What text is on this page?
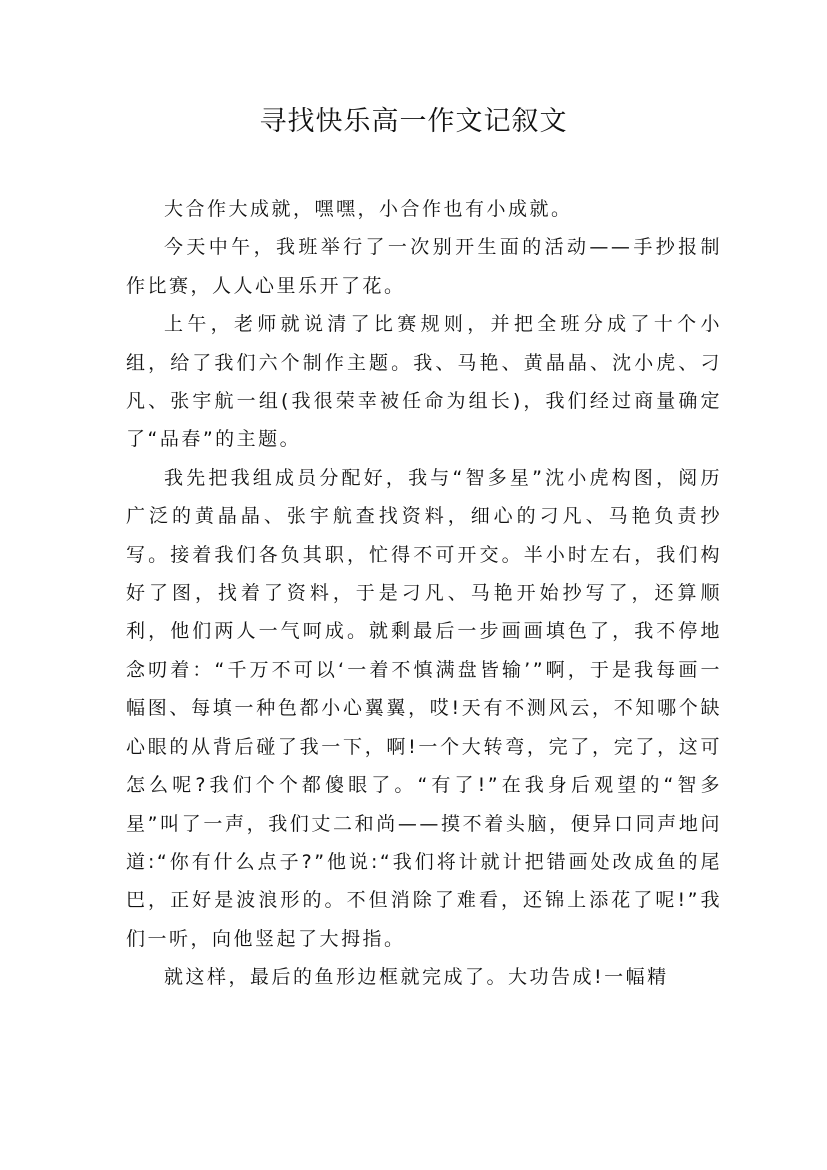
寻找快乐高一作文记叙文

大合作大成就，嘿嘿，小合作也有小成就。

今天中午，我班举行了一次别开生面的活动——手抄报制作比赛，人人心里乐开了花。

上午，老师就说清了比赛规则，并把全班分成了十个小组，给了我们六个制作主题。我、马艳、黄晶晶、沈小虎、刁凡、张宇航一组(我很荣幸被任命为组长)，我们经过商量确定了“品春”的主题。

我先把我组成员分配好，我与“智多星”沈小虎构图，阅历广泛的黄晶晶、张宇航查找资料，细心的刁凡、马艳负责抄写。接着我们各负其职，忙得不可开交。半小时左右，我们构好了图，找着了资料，于是刁凡、马艳开始抄写了，还算顺利，他们两人一气呵成。就剩最后一步画画填色了，我不停地念叨着：“千万不可以‘一着不慎满盘皆输’”啊，于是我每画一幅图、每填一种色都小心翼翼，哎!天有不测风云，不知哪个缺心眼的从背后碰了我一下，啊!一个大转弯，完了，完了，这可怎么呢?我们个个都傻眼了。“有了!”在我身后观望的“智多星”叫了一声，我们丈二和尚——摸不着头脑，便异口同声地问道:“你有什么点子?”他说:“我们将计就计把错画处改成鱼的尾巴，正好是波浪形的。不但消除了难看，还锦上添花了呢!”我们一听，向他竖起了大拇指。

就这样，最后的鱼形边框就完成了。大功告成!一幅精
